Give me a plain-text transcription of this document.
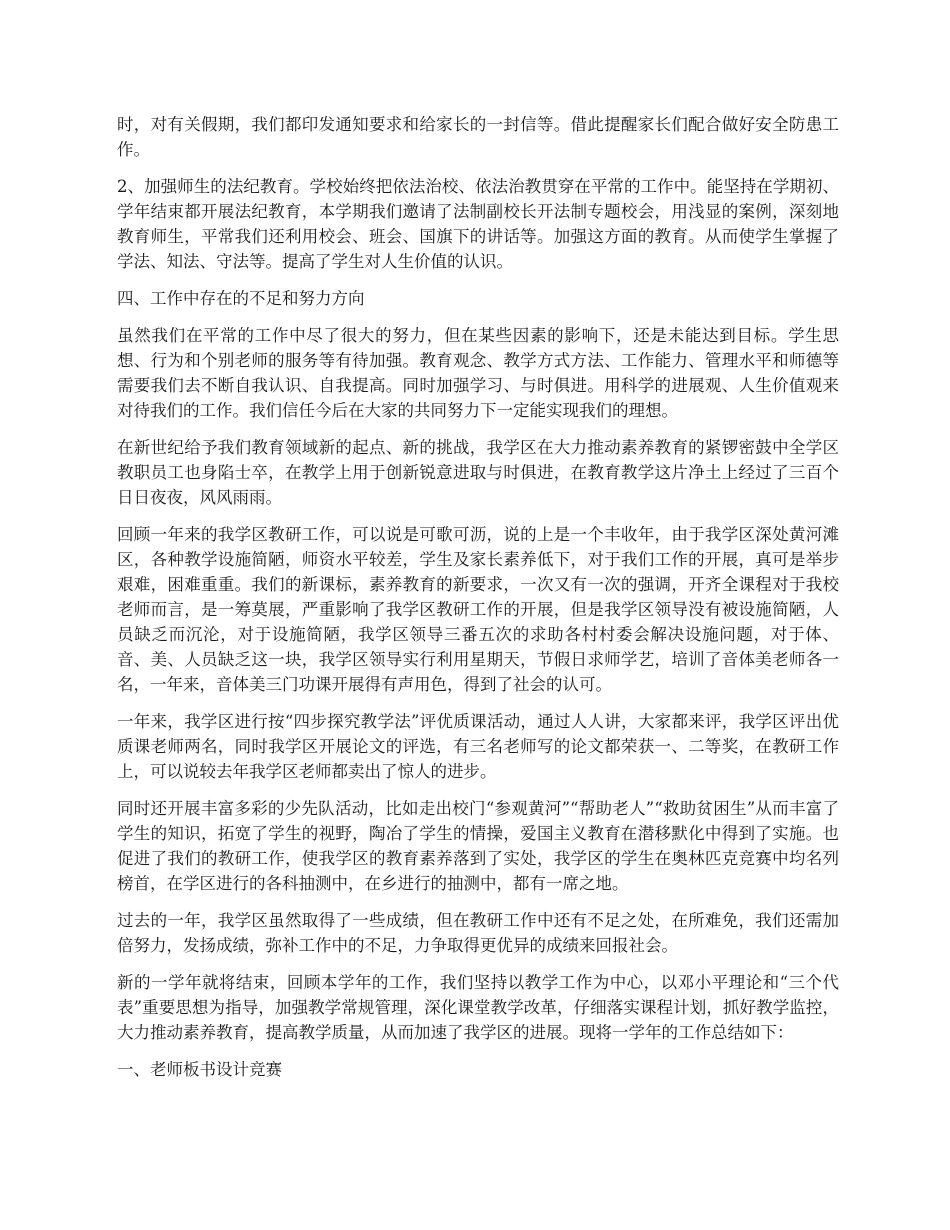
时，对有关假期，我们都印发通知要求和给家长的一封信等。借此提醒家长们配合做好安全防患工作。

2、加强师生的法纪教育。学校始终把依法治校、依法治教贯穿在平常的工作中。能坚持在学期初、学年结束都开展法纪教育，本学期我们邀请了法制副校长开法制专题校会，用浅显的案例，深刻地教育师生，平常我们还利用校会、班会、国旗下的讲话等。加强这方面的教育。从而使学生掌握了学法、知法、守法等。提高了学生对人生价值的认识。

四、工作中存在的不足和努力方向

虽然我们在平常的工作中尽了很大的努力，但在某些因素的影响下，还是未能达到目标。学生思想、行为和个别老师的服务等有待加强。教育观念、教学方式方法、工作能力、管理水平和师德等需要我们去不断自我认识、自我提高。同时加强学习、与时俱进。用科学的进展观、人生价值观来对待我们的工作。我们信任今后在大家的共同努力下一定能实现我们的理想。

在新世纪给予我们教育领域新的起点、新的挑战，我学区在大力推动素养教育的紧锣密鼓中全学区教职员工也身陷士卒，在教学上用于创新锐意进取与时俱进，在教育教学这片净土上经过了三百个日日夜夜，风风雨雨。

回顾一年来的我学区教研工作，可以说是可歌可沥，说的上是一个丰收年，由于我学区深处黄河滩区，各种教学设施简陋，师资水平较差，学生及家长素养低下，对于我们工作的开展，真可是举步艰难，困难重重。我们的新课标，素养教育的新要求，一次又有一次的强调，开齐全课程对于我校老师而言，是一筹莫展，严重影响了我学区教研工作的开展，但是我学区领导没有被设施简陋，人员缺乏而沉沦，对于设施简陋，我学区领导三番五次的求助各村村委会解决设施问题，对于体、音、美、人员缺乏这一块，我学区领导实行利用星期天，节假日求师学艺，培训了音体美老师各一名，一年来，音体美三门功课开展得有声用色，得到了社会的认可。

一年来，我学区进行按“四步探究教学法”评优质课活动，通过人人讲，大家都来评，我学区评出优质课老师两名，同时我学区开展论文的评选，有三名老师写的论文都荣获一、二等奖，在教研工作上，可以说较去年我学区老师都卖出了惊人的进步。

同时还开展丰富多彩的少先队活动，比如走出校门“参观黄河”“帮助老人”“救助贫困生”从而丰富了学生的知识，拓宽了学生的视野，陶冶了学生的情操，爱国主义教育在潜移默化中得到了实施。也促进了我们的教研工作，使我学区的教育素养落到了实处，我学区的学生在奥林匹克竞赛中均名列榜首，在学区进行的各科抽测中，在乡进行的抽测中，都有一席之地。

过去的一年，我学区虽然取得了一些成绩，但在教研工作中还有不足之处，在所难免，我们还需加倍努力，发扬成绩，弥补工作中的不足，力争取得更优异的成绩来回报社会。

新的一学年就将结束，回顾本学年的工作，我们坚持以教学工作为中心，以邓小平理论和“三个代表”重要思想为指导，加强教学常规管理，深化课堂教学改革，仔细落实课程计划，抓好教学监控，大力推动素养教育，提高教学质量，从而加速了我学区的进展。现将一学年的工作总结如下：

一、老师板书设计竞赛
